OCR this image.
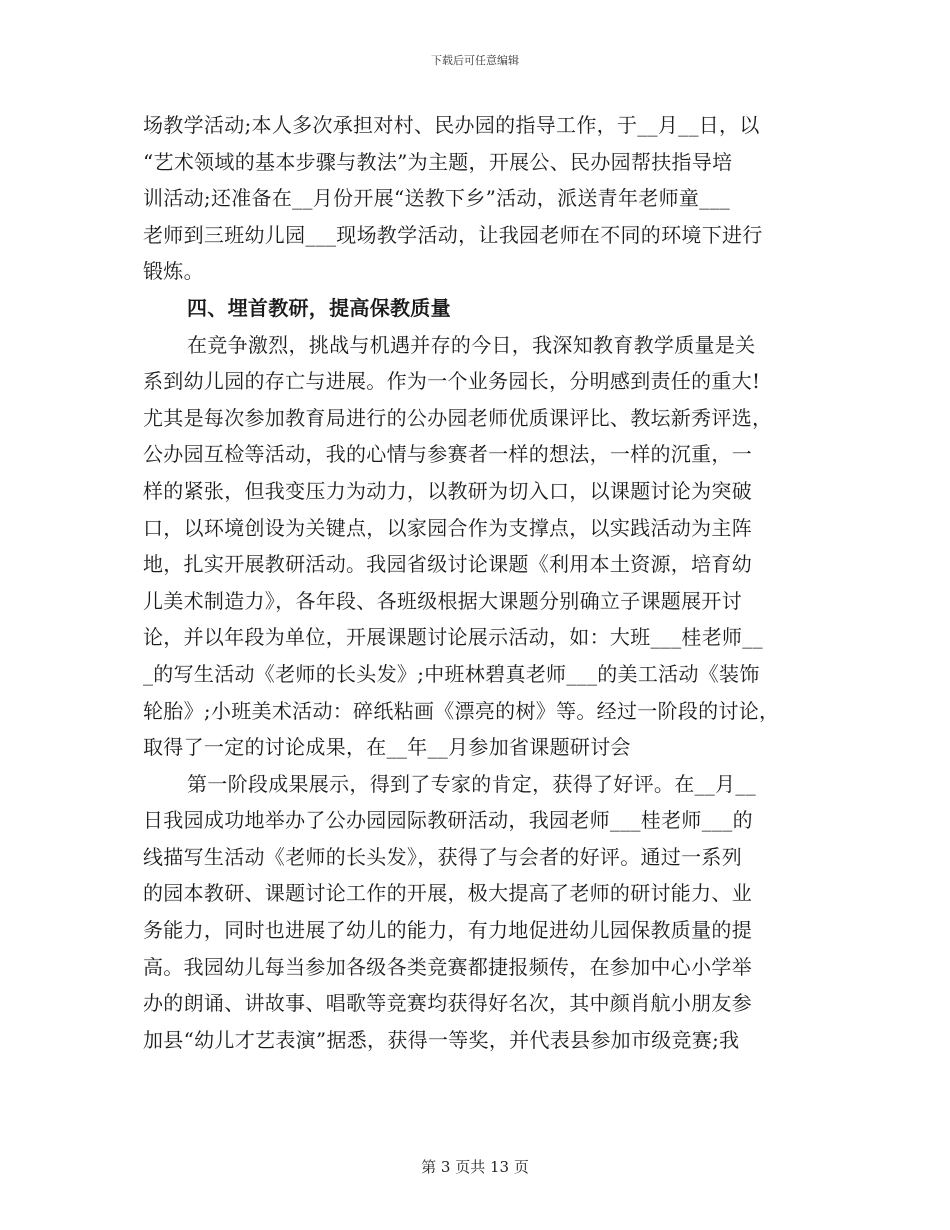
下载后可任意编辑
场教学活动;本人多次承担对村、民办园的指导工作，于__月__日，以
“艺术领域的基本步骤与教法”为主题，开展公、民办园帮扶指导培
训活动;还准备在__月份开展“送教下乡”活动，派送青年老师童___
老师到三班幼儿园___现场教学活动，让我园老师在不同的环境下进行
锻炼。
四、埋首教研，提高保教质量
在竞争激烈，挑战与机遇并存的今日，我深知教育教学质量是关
系到幼儿园的存亡与进展。作为一个业务园长，分明感到责任的重大!
尤其是每次参加教育局进行的公办园老师优质课评比、教坛新秀评选，
公办园互检等活动，我的心情与参赛者一样的想法，一样的沉重，一
样的紧张，但我变压力为动力，以教研为切入口，以课题讨论为突破
口，以环境创设为关键点，以家园合作为支撑点，以实践活动为主阵
地，扎实开展教研活动。我园省级讨论课题《利用本土资源，培育幼
儿美术制造力》，各年段、各班级根据大课题分别确立子课题展开讨
论，并以年段为单位，开展课题讨论展示活动，如：大班___桂老师__
_的写生活动《老师的长头发》;中班林碧真老师___的美工活动《装饰
轮胎》;小班美术活动：碎纸粘画《漂亮的树》等。经过一阶段的讨论，
取得了一定的讨论成果，在__年__月参加省课题研讨会
第一阶段成果展示，得到了专家的肯定，获得了好评。在__月__
日我园成功地举办了公办园园际教研活动，我园老师___桂老师___的
线描写生活动《老师的长头发》，获得了与会者的好评。通过一系列
的园本教研、课题讨论工作的开展，极大提高了老师的研讨能力、业
务能力，同时也进展了幼儿的能力，有力地促进幼儿园保教质量的提
高。我园幼儿每当参加各级各类竞赛都捷报频传，在参加中心小学举
办的朗诵、讲故事、唱歌等竞赛均获得好名次，其中颜肖航小朋友参
加县“幼儿才艺表演”据悉，获得一等奖，并代表县参加市级竞赛;我
第 3 页共 13 页
